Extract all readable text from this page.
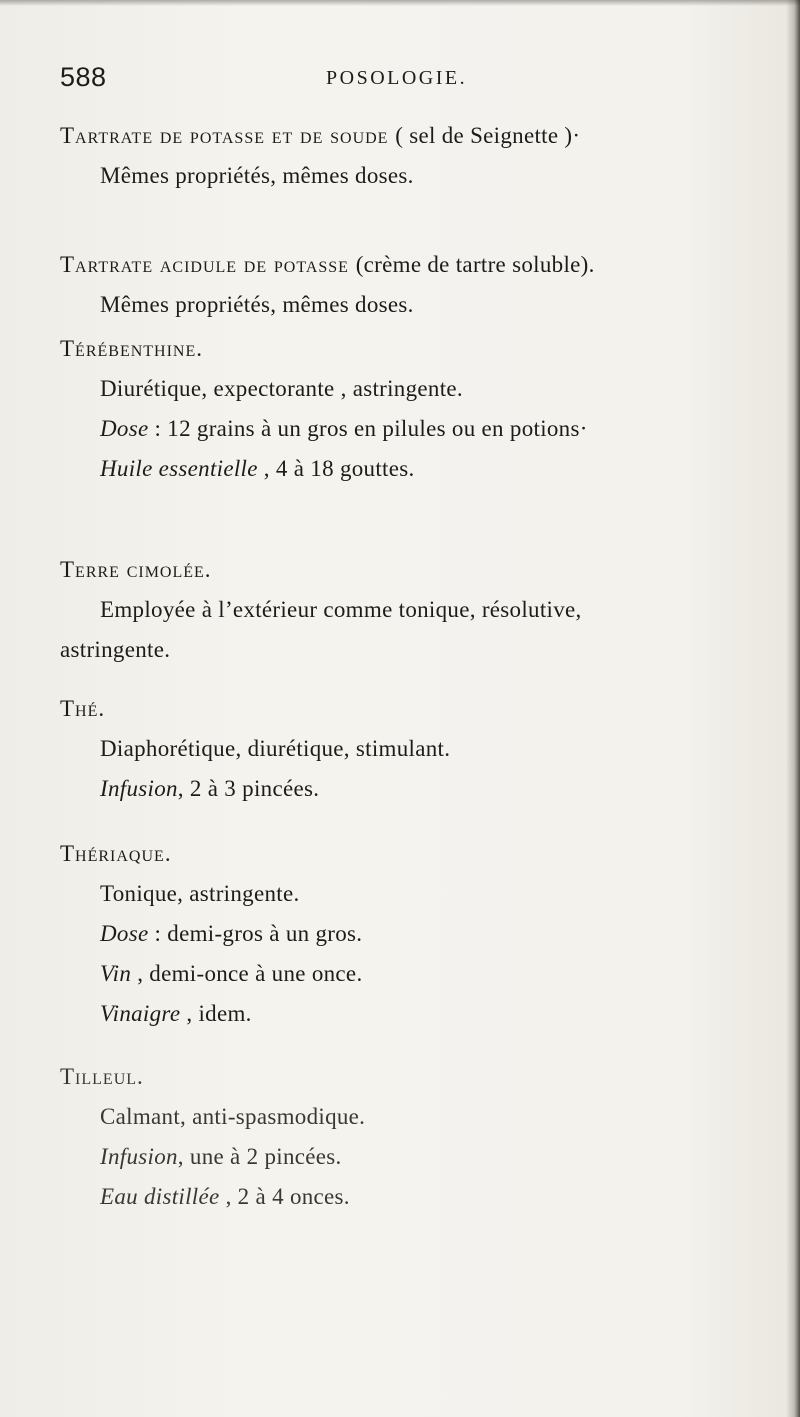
588	POSOLOGIE.
Tartrate de potasse et de soude ( sel de Seignette )·
Mêmes propriétés, mêmes doses.
Tartrate acidule de potasse (crème de tartre soluble).
Mêmes propriétés, mêmes doses.
Térébenthine.
Diurétique, expectorante , astringente.
Dose : 12 grains à un gros en pilules ou en potions·
Huile essentielle , 4 à 18 gouttes.
Terre cimolée.
Employée à l’extérieur comme tonique, résolutive,
astringente.
Thé.
Diaphorétique, diurétique, stimulant.
Infusion, 2 à 3 pincées.
Thériaque.
Tonique, astringente.
Dose : demi-gros à un gros.
Vin , demi-once à une once.
Vinaigre , idem.
Tilleul.
Calmant, anti-spasmodique.
Infusion, une à 2 pincées.
Eau distillée , 2 à 4 onces.
